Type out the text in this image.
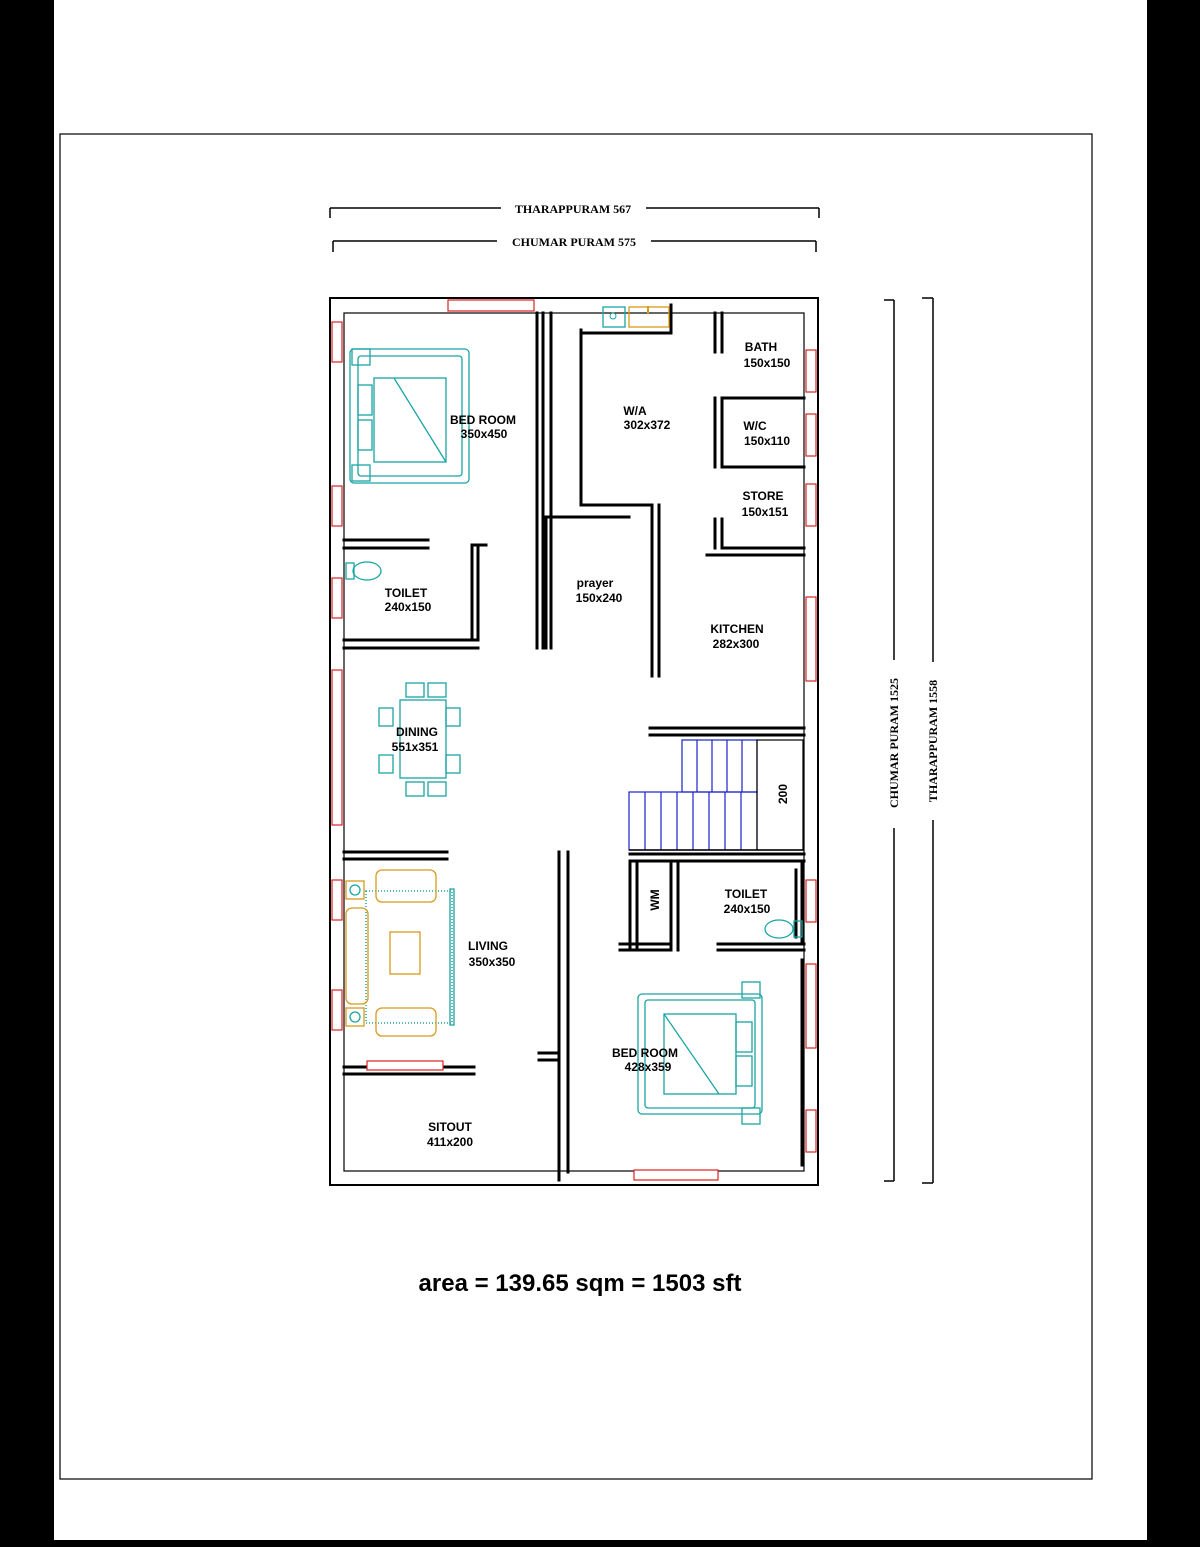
THARAPPURAM 567
CHUMAR PURAM 575
CHUMAR PURAM 1525 THARAPPURAM 1558
BED ROOM
350x450
W/A
302x372
BATH
150x150
W/C
150x110
STORE
150x151
prayer
150x240
KITCHEN
282x300
TOILET
240x150
DINING
551x351
200
WM	TOILET
240x150
LIVING
350x350
BED ROOM
428x359
SITOUT
411x200
area = 139.65 sqm = 1503 sft
